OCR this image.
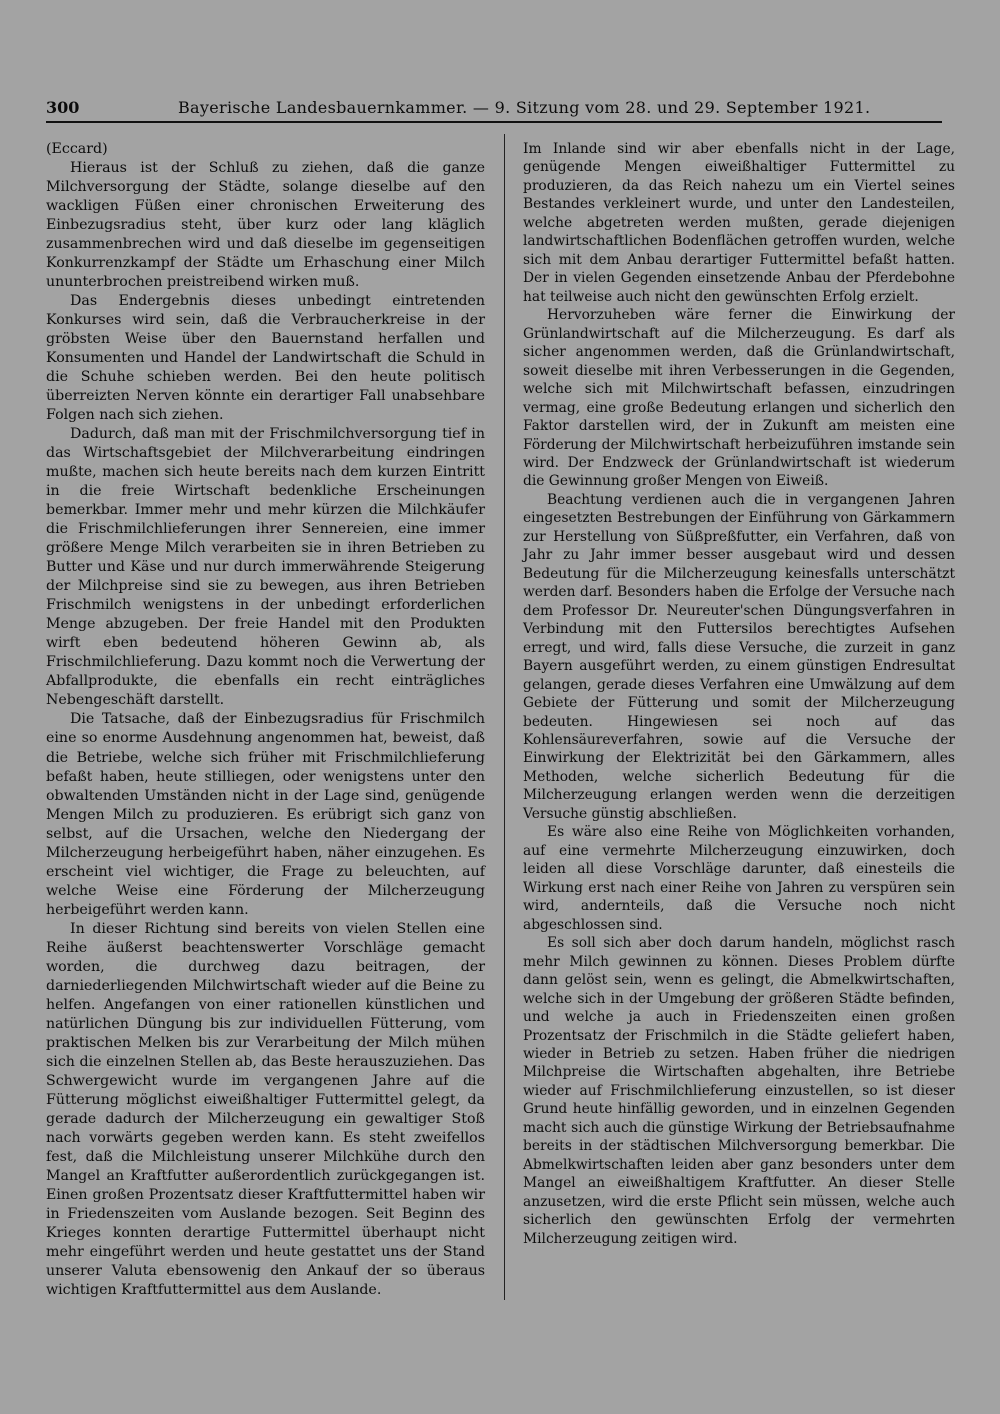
300	Bayerische Landesbauernkammer. — 9. Sitzung vom 28. und 29. September 1921.

(Eccard)

Hieraus ist der Schluß zu ziehen, daß die ganze Milchversorgung der Städte, solange dieselbe auf den wackligen Füßen einer chronischen Erweiterung des Einbezugsradius steht, über kurz oder lang kläglich zusammenbrechen wird und daß dieselbe im gegenseitigen Konkurrenzkampf der Städte um Erhaschung einer Milch ununterbrochen preistreibend wirken muß.

Das Endergebnis dieses unbedingt eintretenden Konkurses wird sein, daß die Verbraucherkreise in der gröbsten Weise über den Bauernstand herfallen und Konsumenten und Handel der Landwirtschaft die Schuld in die Schuhe schieben werden. Bei den heute politisch überreizten Nerven könnte ein derartiger Fall unabsehbare Folgen nach sich ziehen.

Dadurch, daß man mit der Frischmilchversorgung tief in das Wirtschaftsgebiet der Milchverarbeitung eindringen mußte, machen sich heute bereits nach dem kurzen Eintritt in die freie Wirtschaft bedenkliche Erscheinungen bemerkbar. Immer mehr und mehr kürzen die Milchkäufer die Frischmilchlieferungen ihrer Sennereien, eine immer größere Menge Milch verarbeiten sie in ihren Betrieben zu Butter und Käse und nur durch immerwährende Steigerung der Milchpreise sind sie zu bewegen, aus ihren Betrieben Frischmilch wenigstens in der unbedingt erforderlichen Menge abzugeben. Der freie Handel mit den Produkten wirft eben bedeutend höheren Gewinn ab, als Frischmilchlieferung. Dazu kommt noch die Verwertung der Abfallprodukte, die ebenfalls ein recht einträgliches Nebengeschäft darstellt.

Die Tatsache, daß der Einbezugsradius für Frischmilch eine so enorme Ausdehnung angenommen hat, beweist, daß die Betriebe, welche sich früher mit Frischmilchlieferung befaßt haben, heute stilliegen, oder wenigstens unter den obwaltenden Umständen nicht in der Lage sind, genügende Mengen Milch zu produzieren. Es erübrigt sich ganz von selbst, auf die Ursachen, welche den Niedergang der Milcherzeugung herbeigeführt haben, näher einzugehen. Es erscheint viel wichtiger, die Frage zu beleuchten, auf welche Weise eine Förderung der Milcherzeugung herbeigeführt werden kann.

In dieser Richtung sind bereits von vielen Stellen eine Reihe äußerst beachtenswerter Vorschläge gemacht worden, die durchweg dazu beitragen, der darniederliegenden Milchwirtschaft wieder auf die Beine zu helfen. Angefangen von einer rationellen künstlichen und natürlichen Düngung bis zur individuellen Fütterung, vom praktischen Melken bis zur Verarbeitung der Milch mühen sich die einzelnen Stellen ab, das Beste herauszuziehen. Das Schwergewicht wurde im vergangenen Jahre auf die Fütterung möglichst eiweißhaltiger Futtermittel gelegt, da gerade dadurch der Milcherzeugung ein gewaltiger Stoß nach vorwärts gegeben werden kann. Es steht zweifellos fest, daß die Milchleistung unserer Milchkühe durch den Mangel an Kraftfutter außerordentlich zurückgegangen ist. Einen großen Prozentsatz dieser Kraftfuttermittel haben wir in Friedenszeiten vom Auslande bezogen. Seit Beginn des Krieges konnten derartige Futtermittel überhaupt nicht mehr eingeführt werden und heute gestattet uns der Stand unserer Valuta ebensowenig den Ankauf der so überaus wichtigen Kraftfuttermittel aus dem Auslande.

Im Inlande sind wir aber ebenfalls nicht in der Lage, genügende Mengen eiweißhaltiger Futtermittel zu produzieren, da das Reich nahezu um ein Viertel seines Bestandes verkleinert wurde, und unter den Landesteilen, welche abgetreten werden mußten, gerade diejenigen landwirtschaftlichen Bodenflächen getroffen wurden, welche sich mit dem Anbau derartiger Futtermittel befaßt hatten. Der in vielen Gegenden einsetzende Anbau der Pferdebohne hat teilweise auch nicht den gewünschten Erfolg erzielt.

Hervorzuheben wäre ferner die Einwirkung der Grünlandwirtschaft auf die Milcherzeugung. Es darf als sicher angenommen werden, daß die Grünlandwirtschaft, soweit dieselbe mit ihren Verbesserungen in die Gegenden, welche sich mit Milchwirtschaft befassen, einzudringen vermag, eine große Bedeutung erlangen und sicherlich den Faktor darstellen wird, der in Zukunft am meisten eine Förderung der Milchwirtschaft herbeizuführen imstande sein wird. Der Endzweck der Grünlandwirtschaft ist wiederum die Gewinnung großer Mengen von Eiweiß.

Beachtung verdienen auch die in vergangenen Jahren eingesetzten Bestrebungen der Einführung von Gärkammern zur Herstellung von Süßpreßfutter, ein Verfahren, daß von Jahr zu Jahr immer besser ausgebaut wird und dessen Bedeutung für die Milcherzeugung keinesfalls unterschätzt werden darf. Besonders haben die Erfolge der Versuche nach dem Professor Dr. Neureuter'schen Düngungsverfahren in Verbindung mit den Futtersilos berechtigtes Aufsehen erregt, und wird, falls diese Versuche, die zurzeit in ganz Bayern ausgeführt werden, zu einem günstigen Endresultat gelangen, gerade dieses Verfahren eine Umwälzung auf dem Gebiete der Fütterung und somit der Milcherzeugung bedeuten. Hingewiesen sei noch auf das Kohlensäureverfahren, sowie auf die Versuche der Einwirkung der Elektrizität bei den Gärkammern, alles Methoden, welche sicherlich Bedeutung für die Milcherzeugung erlangen werden wenn die derzeitigen Versuche günstig abschließen.

Es wäre also eine Reihe von Möglichkeiten vorhanden, auf eine vermehrte Milcherzeugung einzuwirken, doch leiden all diese Vorschläge darunter, daß einesteils die Wirkung erst nach einer Reihe von Jahren zu verspüren sein wird, andernteils, daß die Versuche noch nicht abgeschlossen sind.

Es soll sich aber doch darum handeln, möglichst rasch mehr Milch gewinnen zu können. Dieses Problem dürfte dann gelöst sein, wenn es gelingt, die Abmelkwirtschaften, welche sich in der Umgebung der größeren Städte befinden, und welche ja auch in Friedenszeiten einen großen Prozentsatz der Frischmilch in die Städte geliefert haben, wieder in Betrieb zu setzen. Haben früher die niedrigen Milchpreise die Wirtschaften abgehalten, ihre Betriebe wieder auf Frischmilchlieferung einzustellen, so ist dieser Grund heute hinfällig geworden, und in einzelnen Gegenden macht sich auch die günstige Wirkung der Betriebsaufnahme bereits in der städtischen Milchversorgung bemerkbar. Die Abmelkwirtschaften leiden aber ganz besonders unter dem Mangel an eiweißhaltigem Kraftfutter. An dieser Stelle anzusetzen, wird die erste Pflicht sein müssen, welche auch sicherlich den gewünschten Erfolg der vermehrten Milcherzeugung zeitigen wird.
